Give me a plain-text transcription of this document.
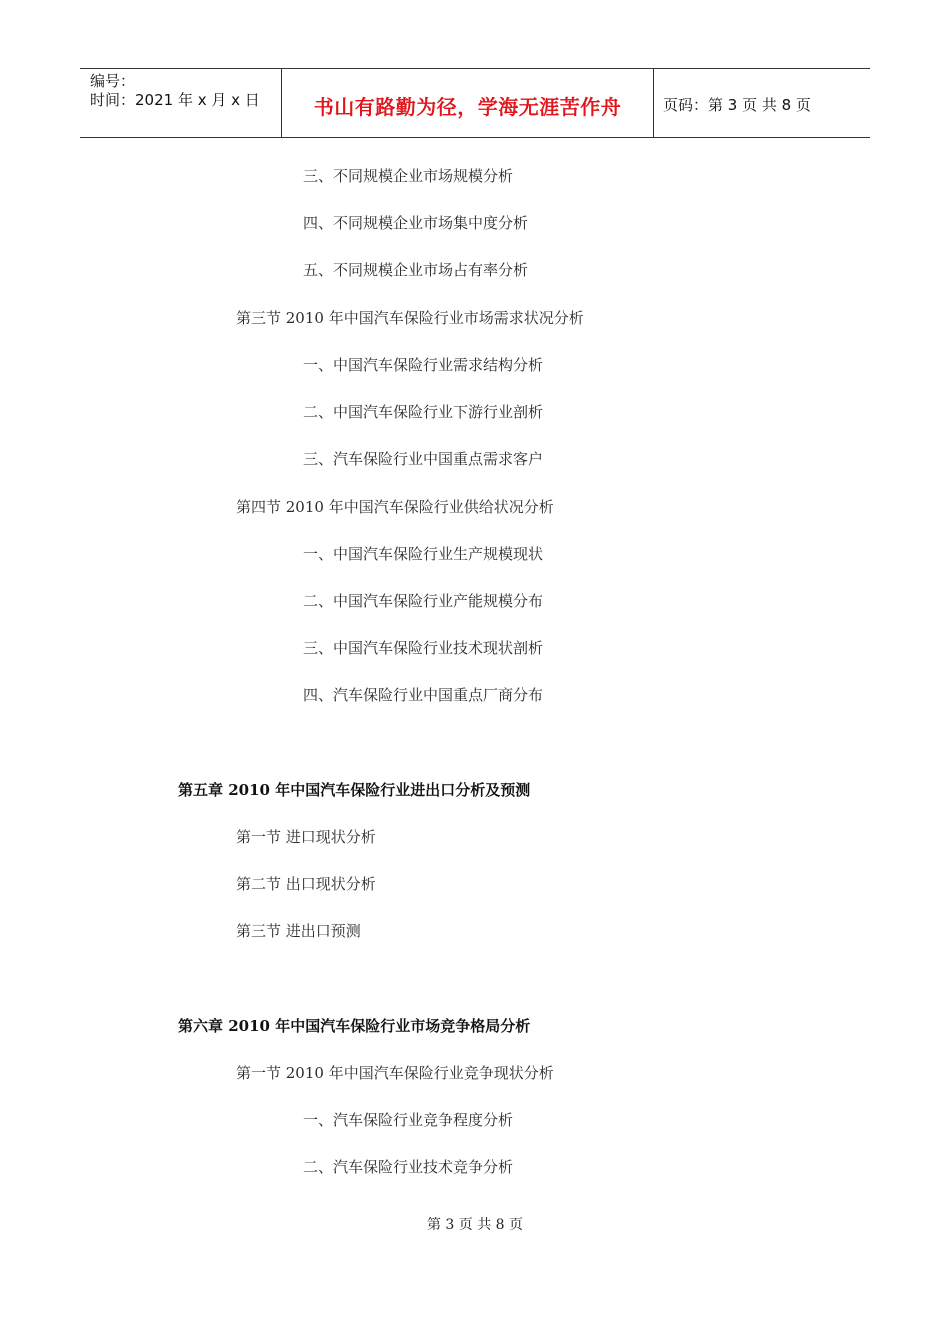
编号：
时间：2021 年 x 月 x 日	书山有路勤为径，学海无涯苦作舟	页码：第 3 页 共 8 页
三、不同规模企业市场规模分析
四、不同规模企业市场集中度分析
五、不同规模企业市场占有率分析
第三节 2010 年中国汽车保险行业市场需求状况分析
一、中国汽车保险行业需求结构分析
二、中国汽车保险行业下游行业剖析
三、汽车保险行业中国重点需求客户
第四节 2010 年中国汽车保险行业供给状况分析
一、中国汽车保险行业生产规模现状
二、中国汽车保险行业产能规模分布
三、中国汽车保险行业技术现状剖析
四、汽车保险行业中国重点厂商分布
第五章 2010 年中国汽车保险行业进出口分析及预测
第一节 进口现状分析
第二节 出口现状分析
第三节 进出口预测
第六章 2010 年中国汽车保险行业市场竞争格局分析
第一节 2010 年中国汽车保险行业竞争现状分析
一、汽车保险行业竞争程度分析
二、汽车保险行业技术竞争分析
第 3 页 共 8 页
